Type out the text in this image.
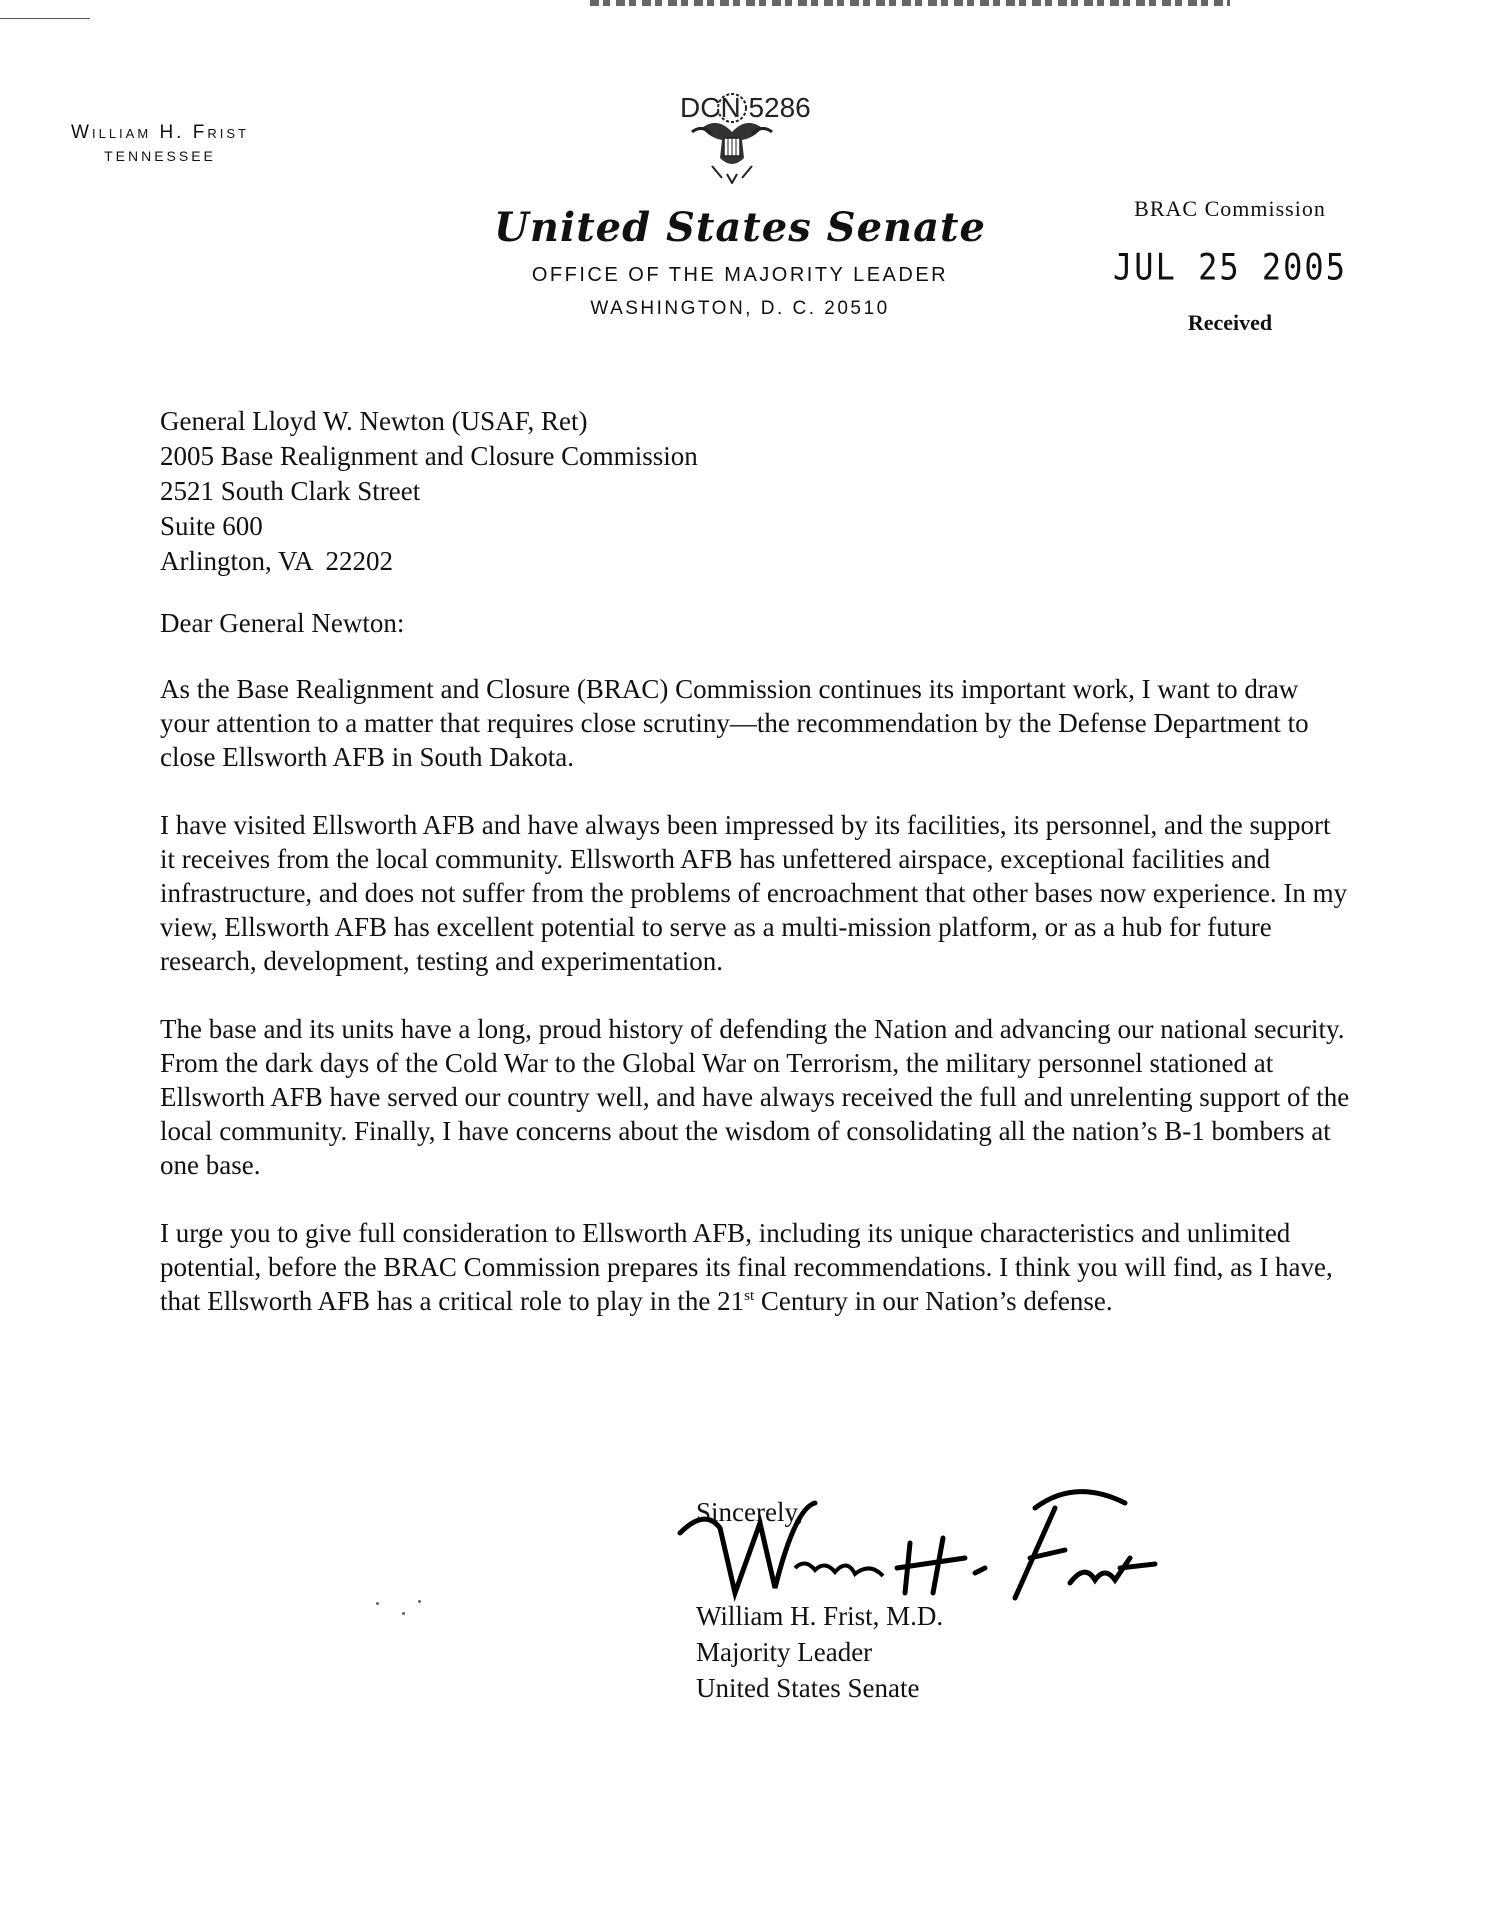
William H. Frist
TENNESSEE
DCN 5286
United States Senate
OFFICE OF THE MAJORITY LEADER
WASHINGTON, D. C. 20510
BRAC Commission
JUL 25 2005
Received
General Lloyd W. Newton (USAF, Ret)
2005 Base Realignment and Closure Commission
2521 South Clark Street
Suite 600
Arlington, VA  22202
Dear General Newton:

As the Base Realignment and Closure (BRAC) Commission continues its important work, I want to draw your attention to a matter that requires close scrutiny—the recommendation by the Defense Department to close Ellsworth AFB in South Dakota.

I have visited Ellsworth AFB and have always been impressed by its facilities, its personnel, and the support it receives from the local community. Ellsworth AFB has unfettered airspace, exceptional facilities and infrastructure, and does not suffer from the problems of encroachment that other bases now experience. In my view, Ellsworth AFB has excellent potential to serve as a multi-mission platform, or as a hub for future research, development, testing and experimentation.

The base and its units have a long, proud history of defending the Nation and advancing our national security. From the dark days of the Cold War to the Global War on Terrorism, the military personnel stationed at Ellsworth AFB have served our country well, and have always received the full and unrelenting support of the local community. Finally, I have concerns about the wisdom of consolidating all the nation’s B-1 bombers at one base.

I urge you to give full consideration to Ellsworth AFB, including its unique characteristics and unlimited potential, before the BRAC Commission prepares its final recommendations. I think you will find, as I have, that Ellsworth AFB has a critical role to play in the 21st Century in our Nation’s defense.

Sincerely,
William H. Frist, M.D.
Majority Leader
United States Senate
